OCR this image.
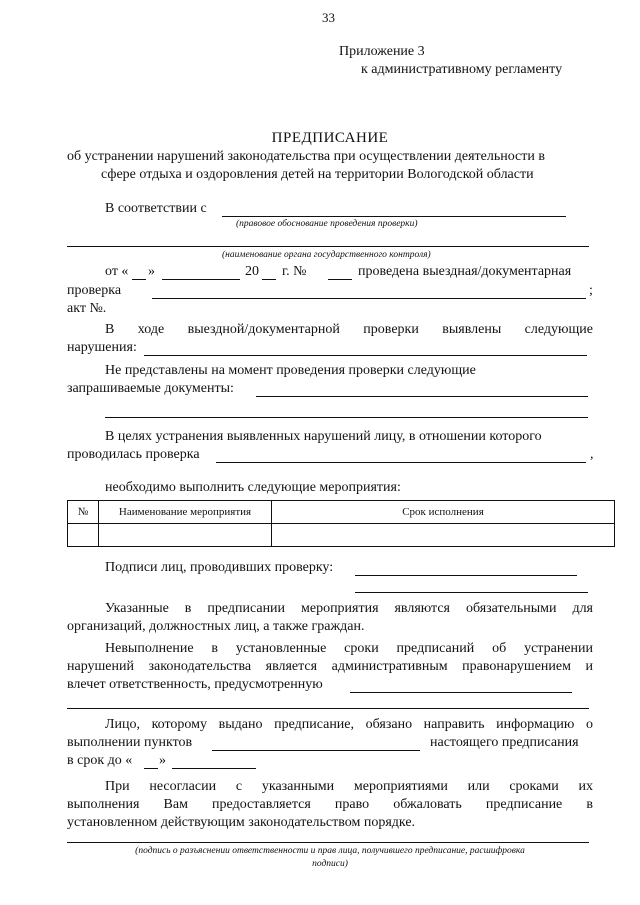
33
Приложение 3
к административному регламенту
ПРЕДПИСАНИЕ
об устранении нарушений законодательства при осуществлении деятельности в
сфере отдыха и оздоровления детей на территории Вологодской области
В соответствии с
(правовое обоснование проведения проверки)
(наименование органа государственного контроля)
от « »	20 г. №	проведена выездная/документарная
проверка	;
акт №.
В ходе выездной/документарной проверки выявлены следующие
нарушения:
Не представлены на момент проведения проверки следующие
запрашиваемые документы:
В целях устранения выявленных нарушений лицу, в отношении которого
проводилась проверка	,
необходимо выполнить следующие мероприятия:
№	Наименование мероприятия	Срок исполнения

Подписи лиц, проводивших проверку:
Указанные в предписании мероприятия являются обязательными для
организаций, должностных лиц, а также граждан.
Невыполнение в установленные сроки предписаний об устранении
нарушений законодательства является административным правонарушением и
влечет ответственность, предусмотренную
Лицо, которому выдано предписание, обязано направить информацию о
выполнении пунктов	настоящего предписания
в срок до « »
При несогласии с указанными мероприятиями или сроками их
выполнения Вам предоставляется право обжаловать предписание в
установленном действующим законодательством порядке.
(подпись о разъяснении ответственности и прав лица, получившего предписание, расшифровка
подписи)
